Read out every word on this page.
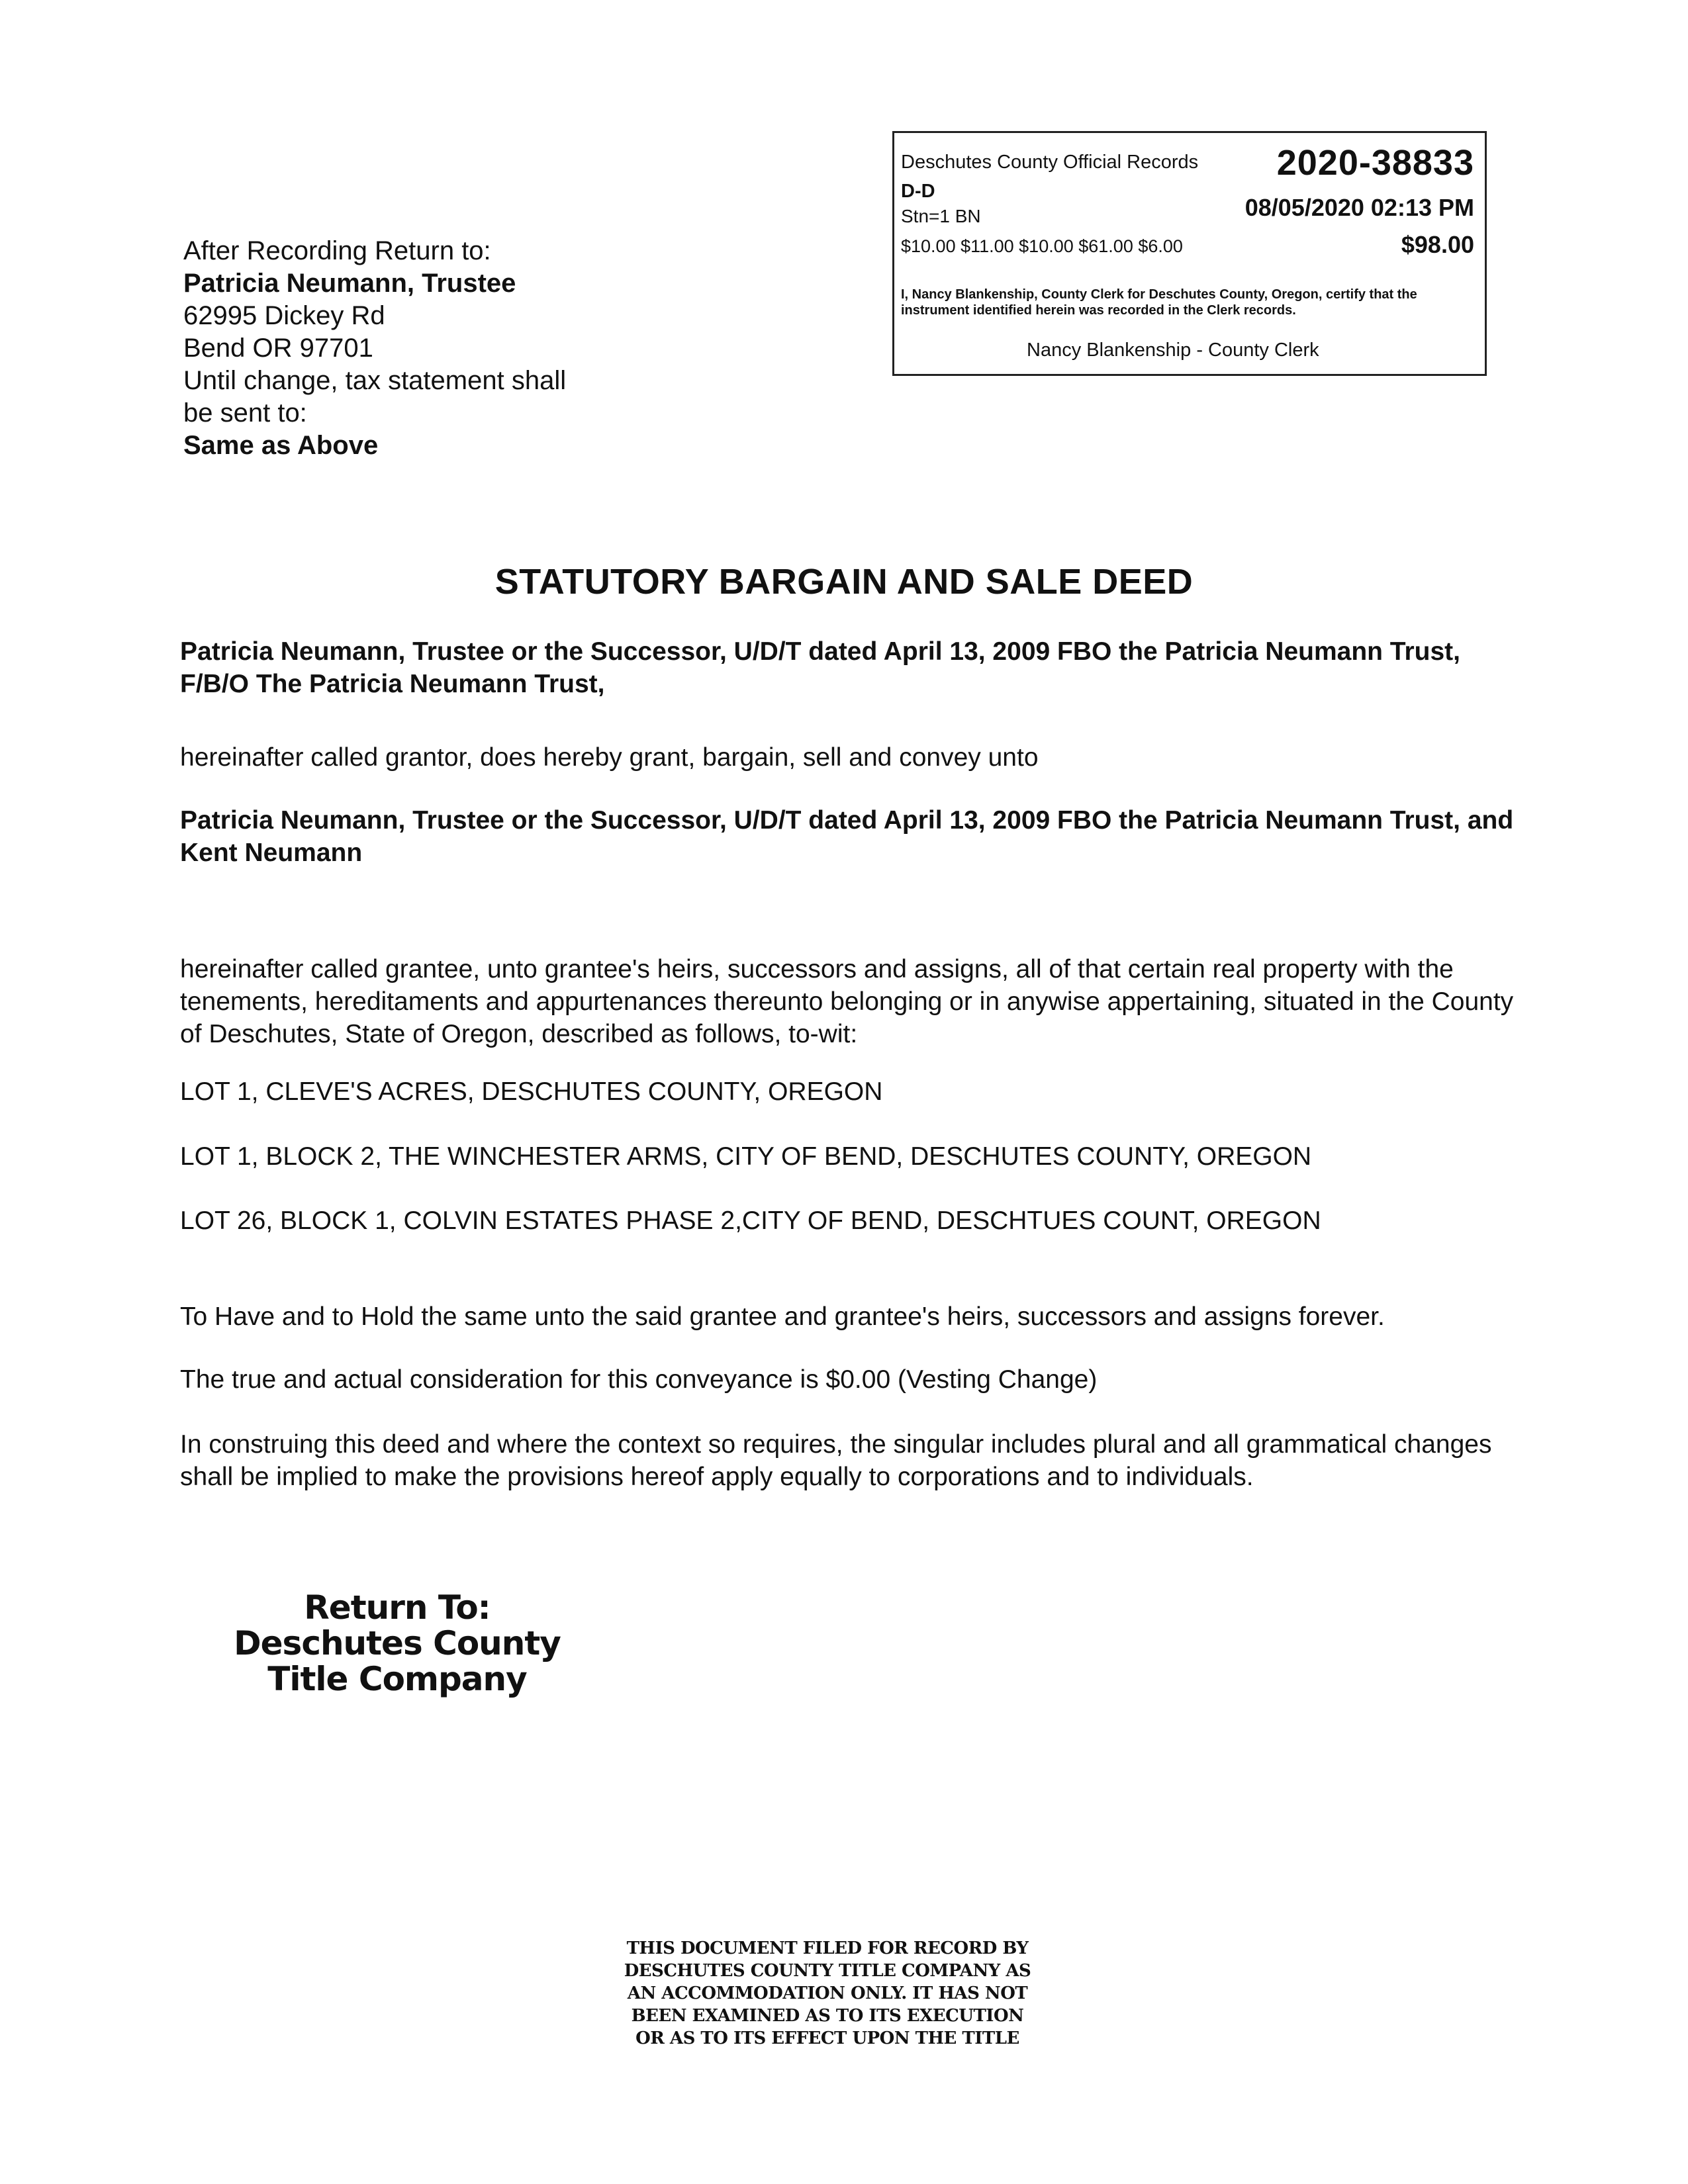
Deschutes County Official Records 2020-38833
D-D
Stn=1 BN	08/05/2020 02:13 PM
$10.00 $11.00 $10.00 $61.00 $6.00	$98.00
I, Nancy Blankenship, County Clerk for Deschutes County, Oregon, certify that the instrument identified herein was recorded in the Clerk records.
Nancy Blankenship - County Clerk
After Recording Return to:
Patricia Neumann, Trustee
62995 Dickey Rd
Bend OR 97701
Until change, tax statement shall
be sent to:
Same as Above
STATUTORY BARGAIN AND SALE DEED
Patricia Neumann, Trustee or the Successor, U/D/T dated April 13, 2009 FBO the Patricia Neumann Trust, F/B/O The Patricia Neumann Trust,
hereinafter called grantor, does hereby grant, bargain, sell and convey unto
Patricia Neumann, Trustee or the Successor, U/D/T dated April 13, 2009 FBO the Patricia Neumann Trust, and Kent Neumann
hereinafter called grantee, unto grantee's heirs, successors and assigns, all of that certain real property with the tenements, hereditaments and appurtenances thereunto belonging or in anywise appertaining, situated in the County of Deschutes, State of Oregon, described as follows, to-wit:
LOT 1, CLEVE'S ACRES, DESCHUTES COUNTY, OREGON
LOT 1, BLOCK 2, THE WINCHESTER ARMS, CITY OF BEND, DESCHUTES COUNTY, OREGON
LOT 26, BLOCK 1, COLVIN ESTATES PHASE 2,CITY OF BEND, DESCHTUES COUNT, OREGON
To Have and to Hold the same unto the said grantee and grantee's heirs, successors and assigns forever.
The true and actual consideration for this conveyance is $0.00 (Vesting Change)
In construing this deed and where the context so requires, the singular includes plural and all grammatical changes shall be implied to make the provisions hereof apply equally to corporations and to individuals.
Return To:
Deschutes County
Title Company
THIS DOCUMENT FILED FOR RECORD BY
DESCHUTES COUNTY TITLE COMPANY AS
AN ACCOMMODATION ONLY. IT HAS NOT
BEEN EXAMINED AS TO ITS EXECUTION
OR AS TO ITS EFFECT UPON THE TITLE
